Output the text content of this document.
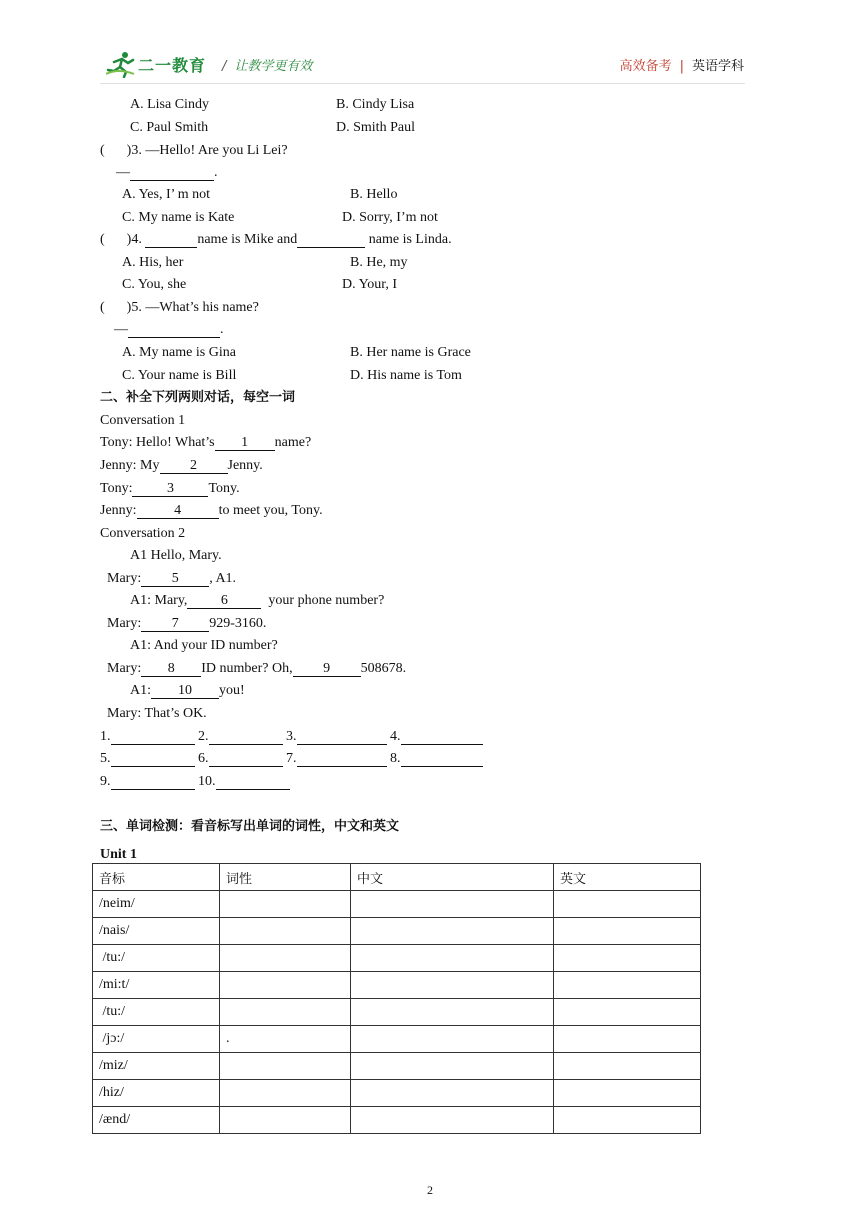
二一教育 / 让教学更有效	高效备考 | 英语学科
A. Lisa Cindy	B. Cindy Lisa
C. Paul Smith	D. Smith Paul
( )3. —Hello! Are you Li Lei?
—	.
A. Yes, I’ m not	B. Hello
C. My name is Kate	D. Sorry, I’m not
( )4.	name is Mike and	name is Linda.
A. His, her	B. He, my
C. You, she	D. Your, I
( )5. —What’s his name?
—	.
A. My name is Gina	B. Her name is Grace
C. Your name is Bill	D. His name is Tom
二、补全下列两则对话，每空一词
Conversation 1
Tony: Hello! What’s 1 name?
Jenny: My 2 Jenny.
Tony: 3 Tony.
Jenny:	4	to meet you, Tony.
Conversation 2
A1 Hello, Mary.
Mary: 5 , A1.
A1: Mary, 6  your phone number?
Mary: 7 929-3160.
A1: And your ID number?
Mary: 8 ID number? Oh, 9 508678.
A1: 10 you!
Mary: That’s OK.
1.	2.	3.	4.
5.	6.	7.	8.
9.	10.
三、单词检测：看音标写出单词的词性，中文和英文
Unit 1
音标	词性	中文	英文
/neim/			
/nais/			
/tu:/			
/mi:t/			
/tu:/			
/jɔ:/	.		
/miz/			
/hiz/			
/ænd/			
2
